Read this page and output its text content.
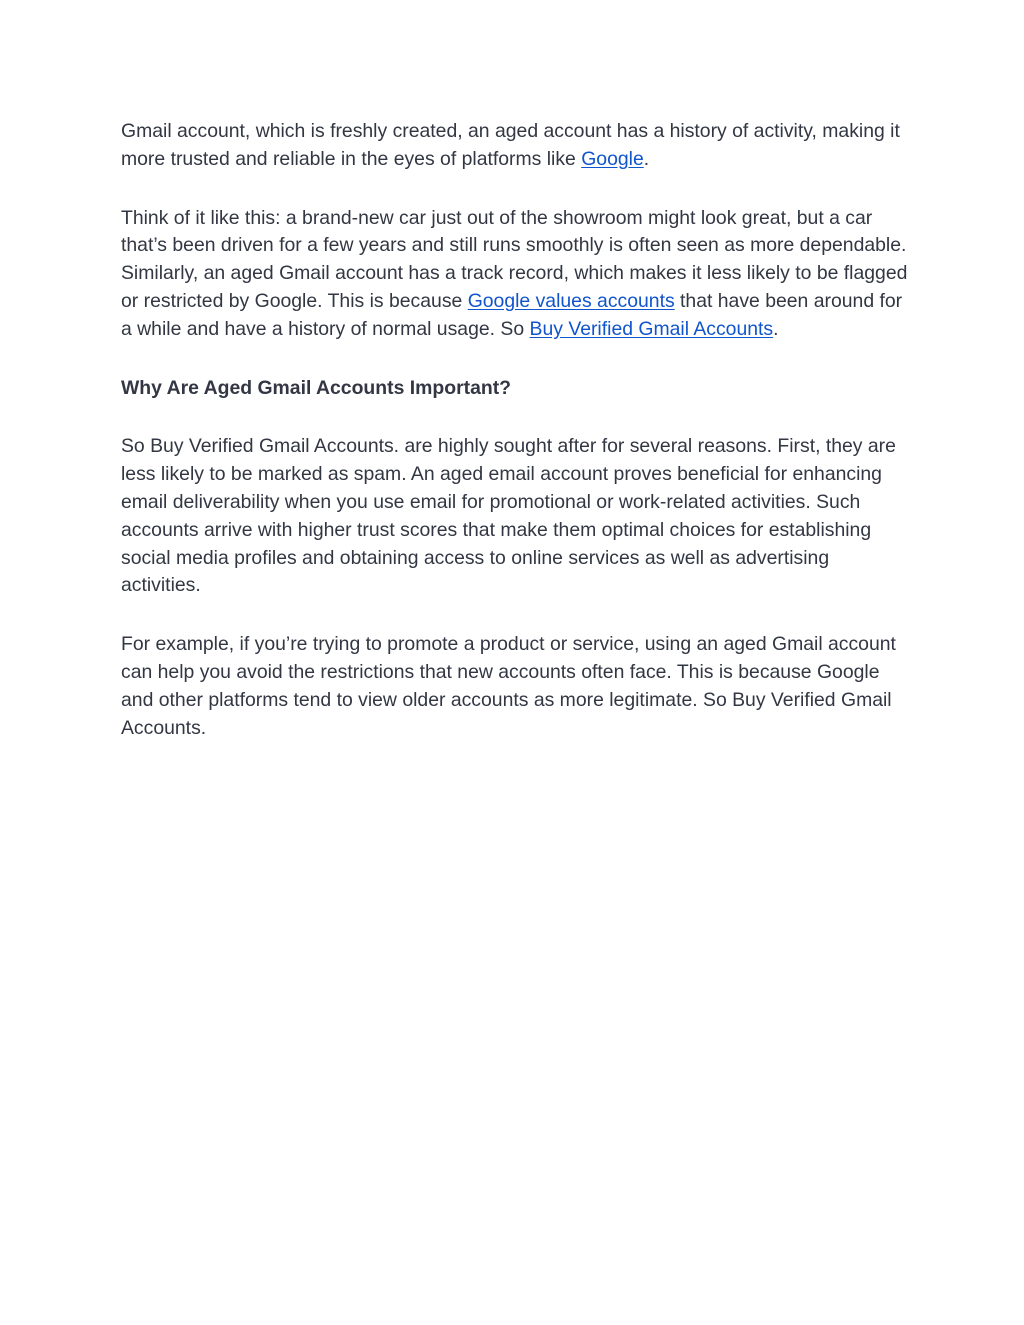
Gmail account, which is freshly created, an aged account has a history of activity, making it more trusted and reliable in the eyes of platforms like Google.

Think of it like this: a brand-new car just out of the showroom might look great, but a car that’s been driven for a few years and still runs smoothly is often seen as more dependable. Similarly, an aged Gmail account has a track record, which makes it less likely to be flagged or restricted by Google. This is because Google values accounts that have been around for a while and have a history of normal usage. So Buy Verified Gmail Accounts.

Why Are Aged Gmail Accounts Important?

So Buy Verified Gmail Accounts. are highly sought after for several reasons. First, they are less likely to be marked as spam. An aged email account proves beneficial for enhancing email deliverability when you use email for promotional or work-related activities. Such accounts arrive with higher trust scores that make them optimal choices for establishing social media profiles and obtaining access to online services as well as advertising activities.

For example, if you’re trying to promote a product or service, using an aged Gmail account can help you avoid the restrictions that new accounts often face. This is because Google and other platforms tend to view older accounts as more legitimate. So Buy Verified Gmail Accounts.
